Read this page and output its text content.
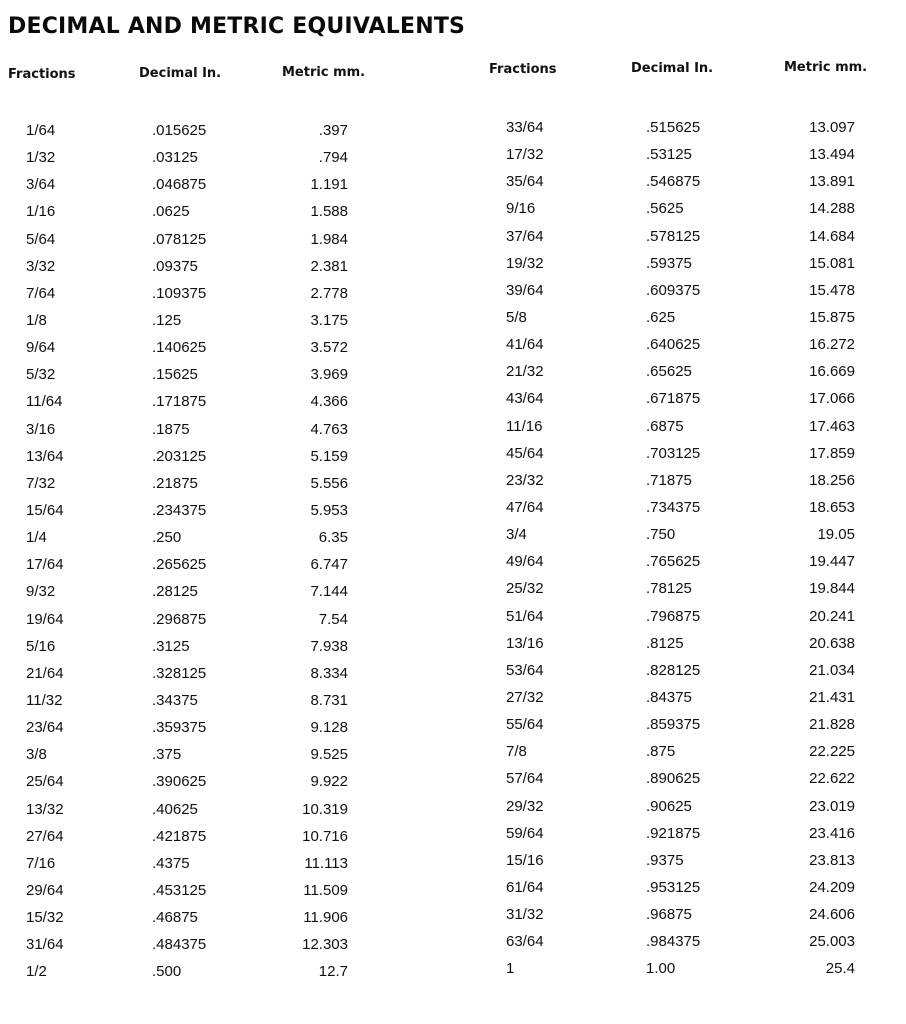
DECIMAL AND METRIC EQUIVALENTS
Fractions	Decimal In.	Metric mm.
1/64	.015625	.397
1/32	.03125	.794
3/64	.046875	1.191
1/16	.0625	1.588
5/64	.078125	1.984
3/32	.09375	2.381
7/64	.109375	2.778
1/8	.125	3.175
9/64	.140625	3.572
5/32	.15625	3.969
11/64	.171875	4.366
3/16	.1875	4.763
13/64	.203125	5.159
7/32	.21875	5.556
15/64	.234375	5.953
1/4	.250	6.35
17/64	.265625	6.747
9/32	.28125	7.144
19/64	.296875	7.54
5/16	.3125	7.938
21/64	.328125	8.334
11/32	.34375	8.731
23/64	.359375	9.128
3/8	.375	9.525
25/64	.390625	9.922
13/32	.40625	10.319
27/64	.421875	10.716
7/16	.4375	11.113
29/64	.453125	11.509
15/32	.46875	11.906
31/64	.484375	12.303
1/2	.500	12.7
Fractions	Decimal In.	Metric mm.
33/64	.515625	13.097
17/32	.53125	13.494
35/64	.546875	13.891
9/16	.5625	14.288
37/64	.578125	14.684
19/32	.59375	15.081
39/64	.609375	15.478
5/8	.625	15.875
41/64	.640625	16.272
21/32	.65625	16.669
43/64	.671875	17.066
11/16	.6875	17.463
45/64	.703125	17.859
23/32	.71875	18.256
47/64	.734375	18.653
3/4	.750	19.05
49/64	.765625	19.447
25/32	.78125	19.844
51/64	.796875	20.241
13/16	.8125	20.638
53/64	.828125	21.034
27/32	.84375	21.431
55/64	.859375	21.828
7/8	.875	22.225
57/64	.890625	22.622
29/32	.90625	23.019
59/64	.921875	23.416
15/16	.9375	23.813
61/64	.953125	24.209
31/32	.96875	24.606
63/64	.984375	25.003
1	1.00	25.4
